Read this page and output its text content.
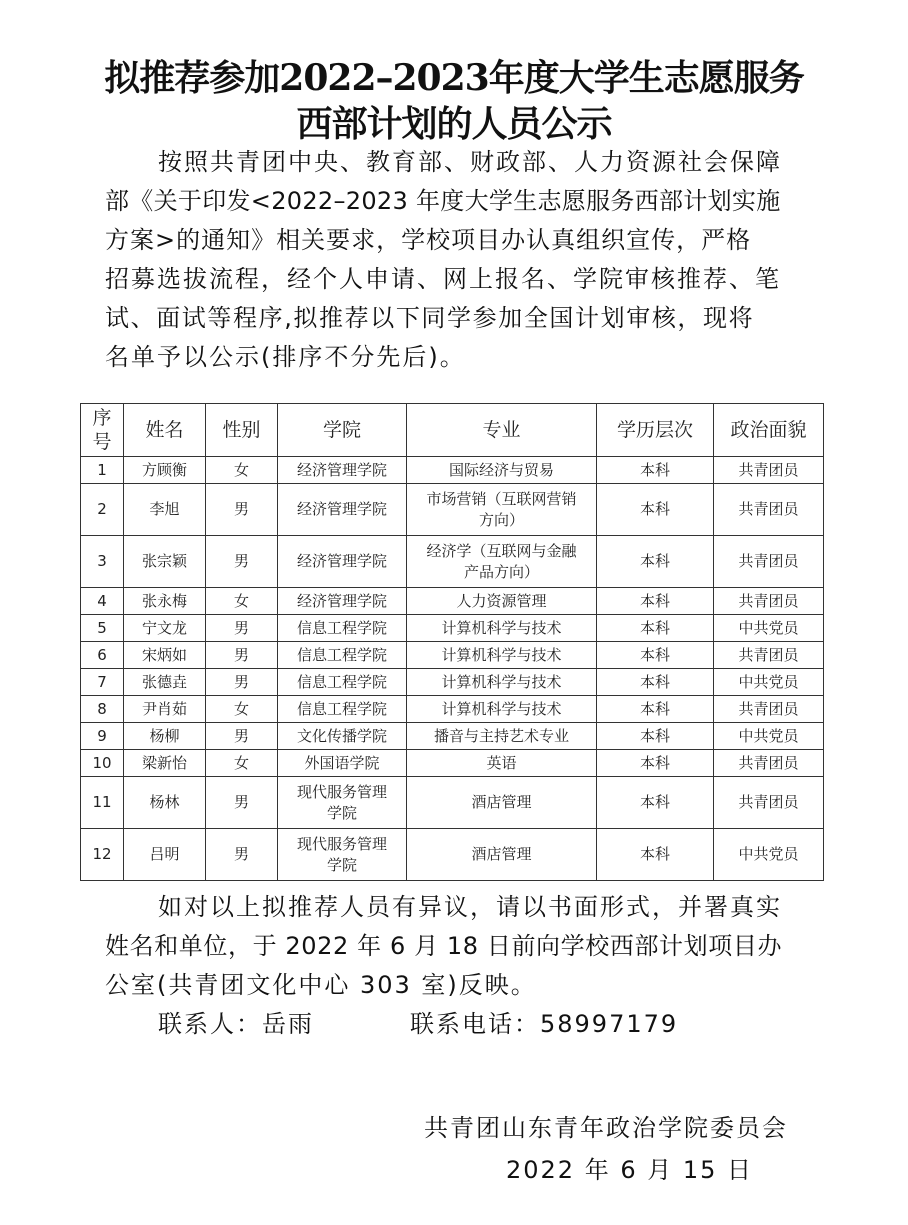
拟推荐参加2022–2023年度大学生志愿服务
西部计划的人员公示

按照共青团中央、教育部、财政部、人力资源社会保障

部《关于印发<2022–2023 年度大学生志愿服务西部计划实施

方案>的通知》相关要求，学校项目办认真组织宣传，严格

招募选拔流程，经个人申请、网上报名、学院审核推荐、笔

试、面试等程序,拟推荐以下同学参加全国计划审核，现将

名单予以公示(排序不分先后)。

序号	姓名	性别	学院	专业	学历层次	政治面貌
1	方顾衡	女	经济管理学院	国际经济与贸易	本科	共青团员
2	李旭	男	经济管理学院	市场营销（互联网营销方向）	本科	共青团员
3	张宗颖	男	经济管理学院	经济学（互联网与金融产品方向）	本科	共青团员
4	张永梅	女	经济管理学院	人力资源管理	本科	共青团员
5	宁文龙	男	信息工程学院	计算机科学与技术	本科	中共党员
6	宋炳如	男	信息工程学院	计算机科学与技术	本科	共青团员
7	张德垚	男	信息工程学院	计算机科学与技术	本科	中共党员
8	尹肖茹	女	信息工程学院	计算机科学与技术	本科	共青团员
9	杨柳	男	文化传播学院	播音与主持艺术专业	本科	中共党员
10	梁新怡	女	外国语学院	英语	本科	共青团员
11	杨林	男	现代服务管理学院	酒店管理	本科	共青团员
12	吕明	男	现代服务管理学院	酒店管理	本科	中共党员

如对以上拟推荐人员有异议，请以书面形式，并署真实

姓名和单位，于 2022 年 6 月 18 日前向学校西部计划项目办

公室(共青团文化中心 303 室)反映。

联系人：岳雨	联系电话：58997179

共青团山东青年政治学院委员会
2022 年 6 月 15 日
